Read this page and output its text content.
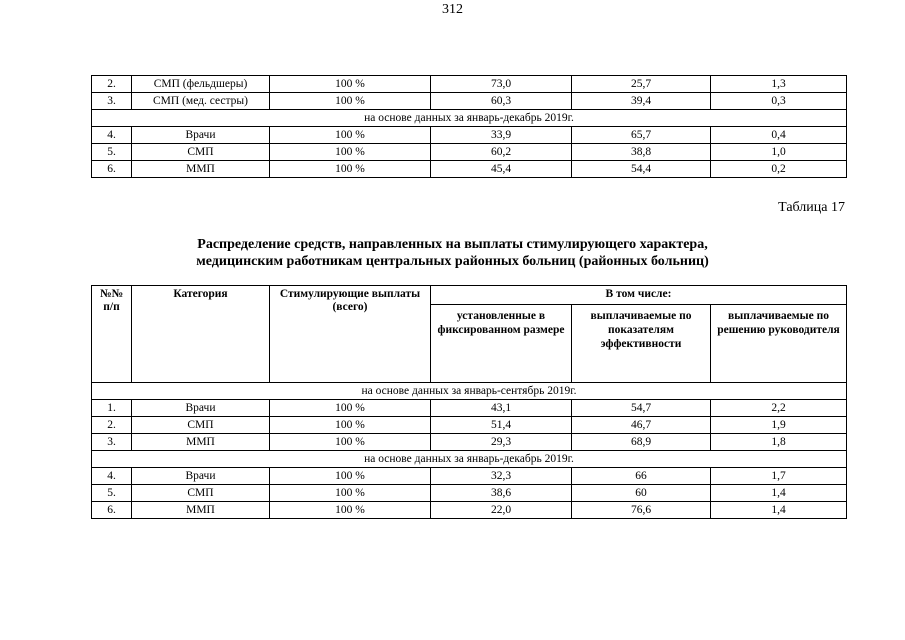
312
2.	СМП (фельдшеры)	100 %	73,0	25,7	1,3
3.	СМП (мед. сестры)	100 %	60,3	39,4	0,3
на основе данных за январь-декабрь 2019г.					
4.	Врачи	100 %	33,9	65,7	0,4
5.	СМП	100 %	60,2	38,8	1,0
6.	ММП	100 %	45,4	54,4	0,2
Таблица 17
Распределение средств, направленных на выплаты стимулирующего характера,
медицинским работникам центральных районных больниц (районных больниц)
№№ п/п	Категория	Стимулирующие выплаты (всего)	В том числе:		
			установленные в фиксированном размере	выплачиваемые по показателям эффективности	выплачиваемые по решению руководителя
на основе данных за январь-сентябрь 2019г.					
1.	Врачи	100 %	43,1	54,7	2,2
2.	СМП	100 %	51,4	46,7	1,9
3.	ММП	100 %	29,3	68,9	1,8
на основе данных за январь-декабрь 2019г.					
4.	Врачи	100 %	32,3	66	1,7
5.	СМП	100 %	38,6	60	1,4
6.	ММП	100 %	22,0	76,6	1,4
